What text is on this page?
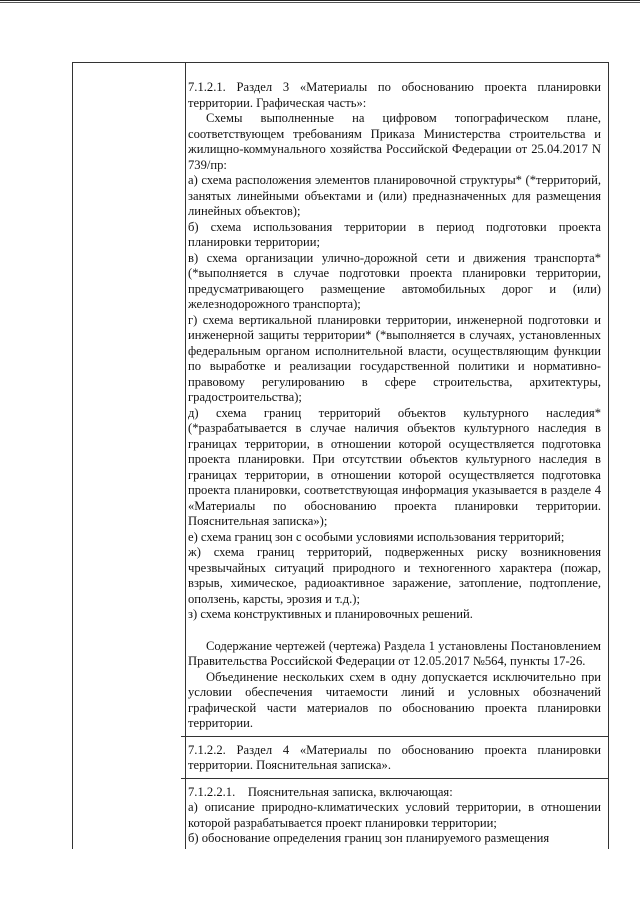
7.1.2.1. Раздел 3 «Материалы по обоснованию проекта планировки территории. Графическая часть»:

Схемы выполненные на цифровом топографическом плане, соответствующем требованиям Приказа Министерства строительства и жилищно-коммунального хозяйства Российской Федерации от 25.04.2017 N 739/пр:

а) схема расположения элементов планировочной структуры* (*территорий, занятых линейными объектами и (или) предназначенных для размещения линейных объектов);

б) схема использования территории в период подготовки проекта планировки территории;

в) схема организации улично-дорожной сети и движения транспорта* (*выполняется в случае подготовки проекта планировки территории, предусматривающего размещение автомобильных дорог и (или) железнодорожного транспорта);

г) схема вертикальной планировки территории, инженерной подготовки и инженерной защиты территории* (*выполняется в случаях, установленных федеральным органом исполнительной власти, осуществляющим функции по выработке и реализации государственной политики и нормативно-правовому регулированию в сфере строительства, архитектуры, градостроительства);

д) схема границ территорий объектов культурного наследия* (*разрабатывается в случае наличия объектов культурного наследия в границах территории, в отношении которой осуществляется подготовка проекта планировки. При отсутствии объектов культурного наследия в границах территории, в отношении которой осуществляется подготовка проекта планировки, соответствующая информация указывается в разделе 4 «Материалы по обоснованию проекта планировки территории. Пояснительная записка»);

е) схема границ зон с особыми условиями использования территорий;

ж) схема границ территорий, подверженных риску возникновения чрезвычайных ситуаций природного и техногенного характера (пожар, взрыв, химическое, радиоактивное заражение, затопление, подтопление, оползень, карсты, эрозия и т.д.);

з) схема конструктивных и планировочных решений.

Содержание чертежей (чертежа) Раздела 1 установлены Постановлением Правительства Российской Федерации от 12.05.2017 №564, пункты 17-26.

Объединение нескольких схем в одну допускается исключительно при условии обеспечения читаемости линий и условных обозначений графической части материалов по обоснованию проекта планировки территории.

7.1.2.2. Раздел 4 «Материалы по обоснованию проекта планировки территории. Пояснительная записка».

7.1.2.2.1.    Пояснительная записка, включающая:

а) описание природно-климатических условий территории, в отношении которой разрабатывается проект планировки территории;

б) обоснование определения границ зон планируемого размещения
